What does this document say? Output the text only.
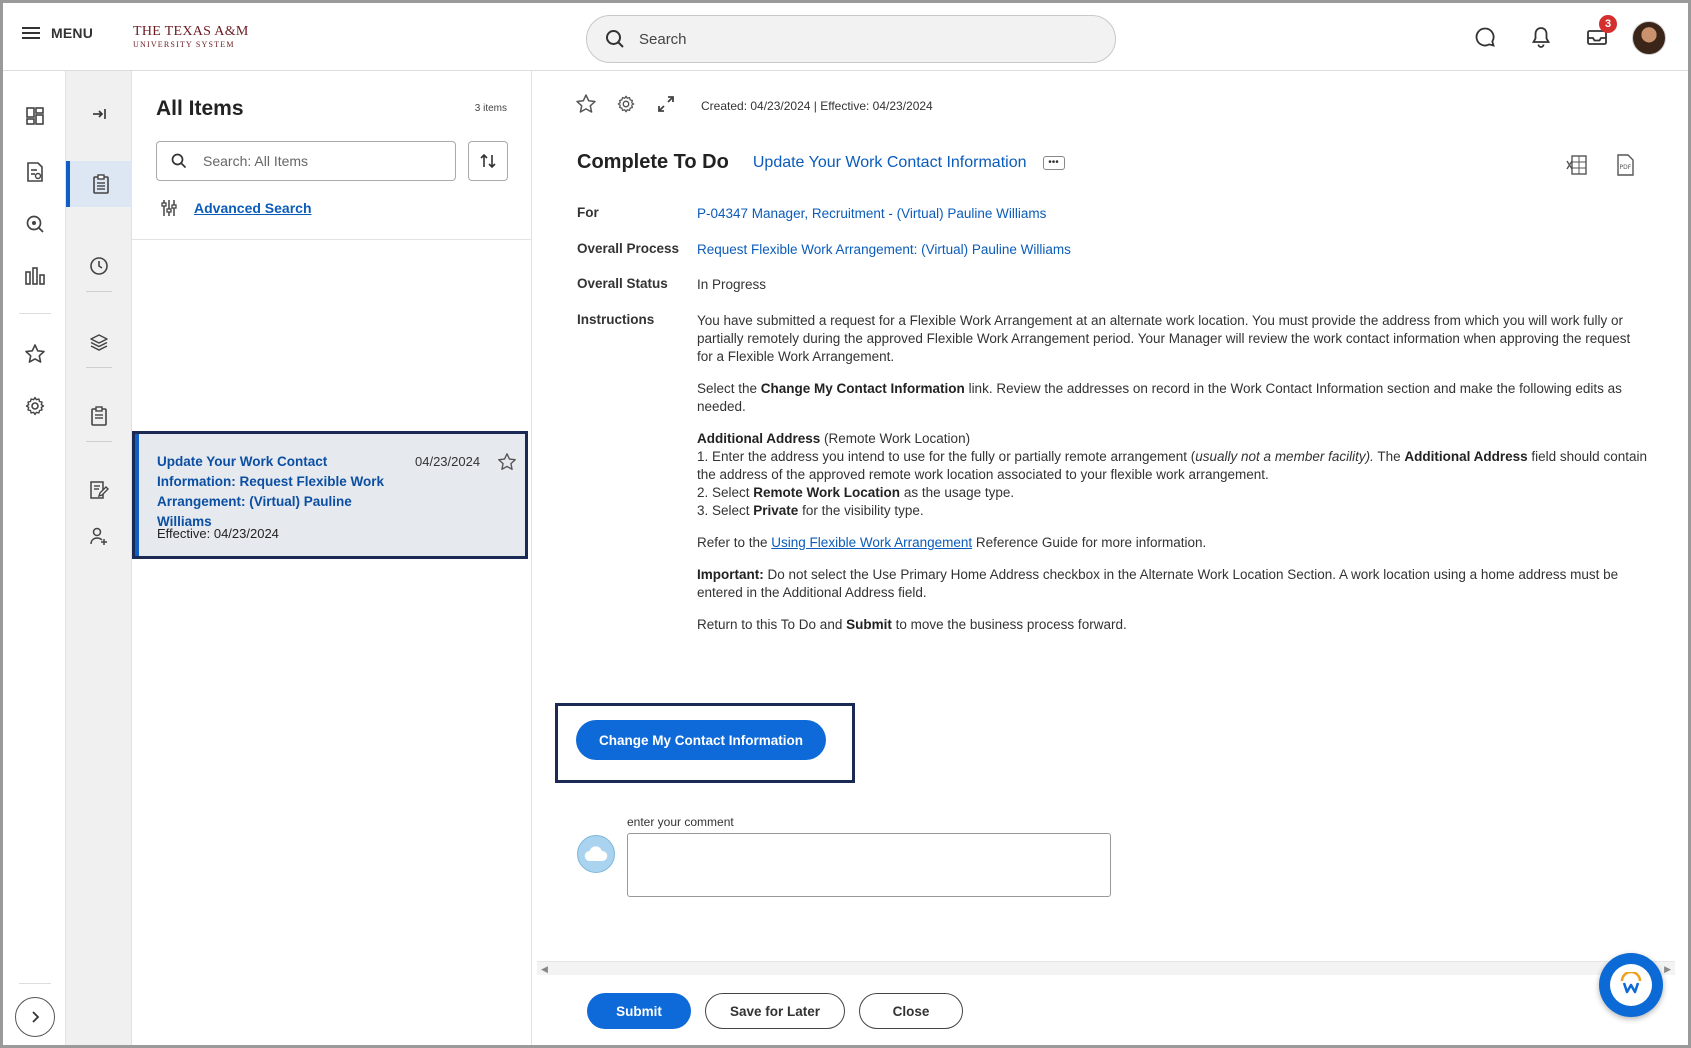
MENU	THE TEXAS A&M
UNIVERSITY SYSTEM	Search
3
All Items	3 items
Search: All Items
Advanced Search
Update Your Work Contact Information: Request Flexible Work Arrangement: (Virtual) Pauline Williams
04/23/2024
Effective: 04/23/2024
Created: 04/23/2024 | Effective: 04/23/2024
Complete To Do Update Your Work Contact Information	•••	PDF
For	P-04347 Manager, Recruitment - (Virtual) Pauline Williams
Overall Process Request Flexible Work Arrangement: (Virtual) Pauline Williams
Overall Status In Progress
Instructions	You have submitted a request for a Flexible Work Arrangement at an alternate work location. You must provide the address from which you will work fully or partially remotely during the approved Flexible Work Arrangement period. Your Manager will review the work contact information when approving the request for a Flexible Work Arrangement.

Select the Change My Contact Information link. Review the addresses on record in the Work Contact Information section and make the following edits as needed.

Additional Address (Remote Work Location)
1. Enter the address you intend to use for the fully or partially remote arrangement (usually not a member facility). The Additional Address field should contain the address of the approved remote work location associated to your flexible work arrangement.
2. Select Remote Work Location as the usage type.
3. Select Private for the visibility type.

Refer to the Using Flexible Work Arrangement Reference Guide for more information.

Important: Do not select the Use Primary Home Address checkbox in the Alternate Work Location Section. A work location using a home address must be entered in the Additional Address field.

Return to this To Do and Submit to move the business process forward.

Change My Contact Information
enter your comment
◀	▶
Submit	Save for Later	Close
